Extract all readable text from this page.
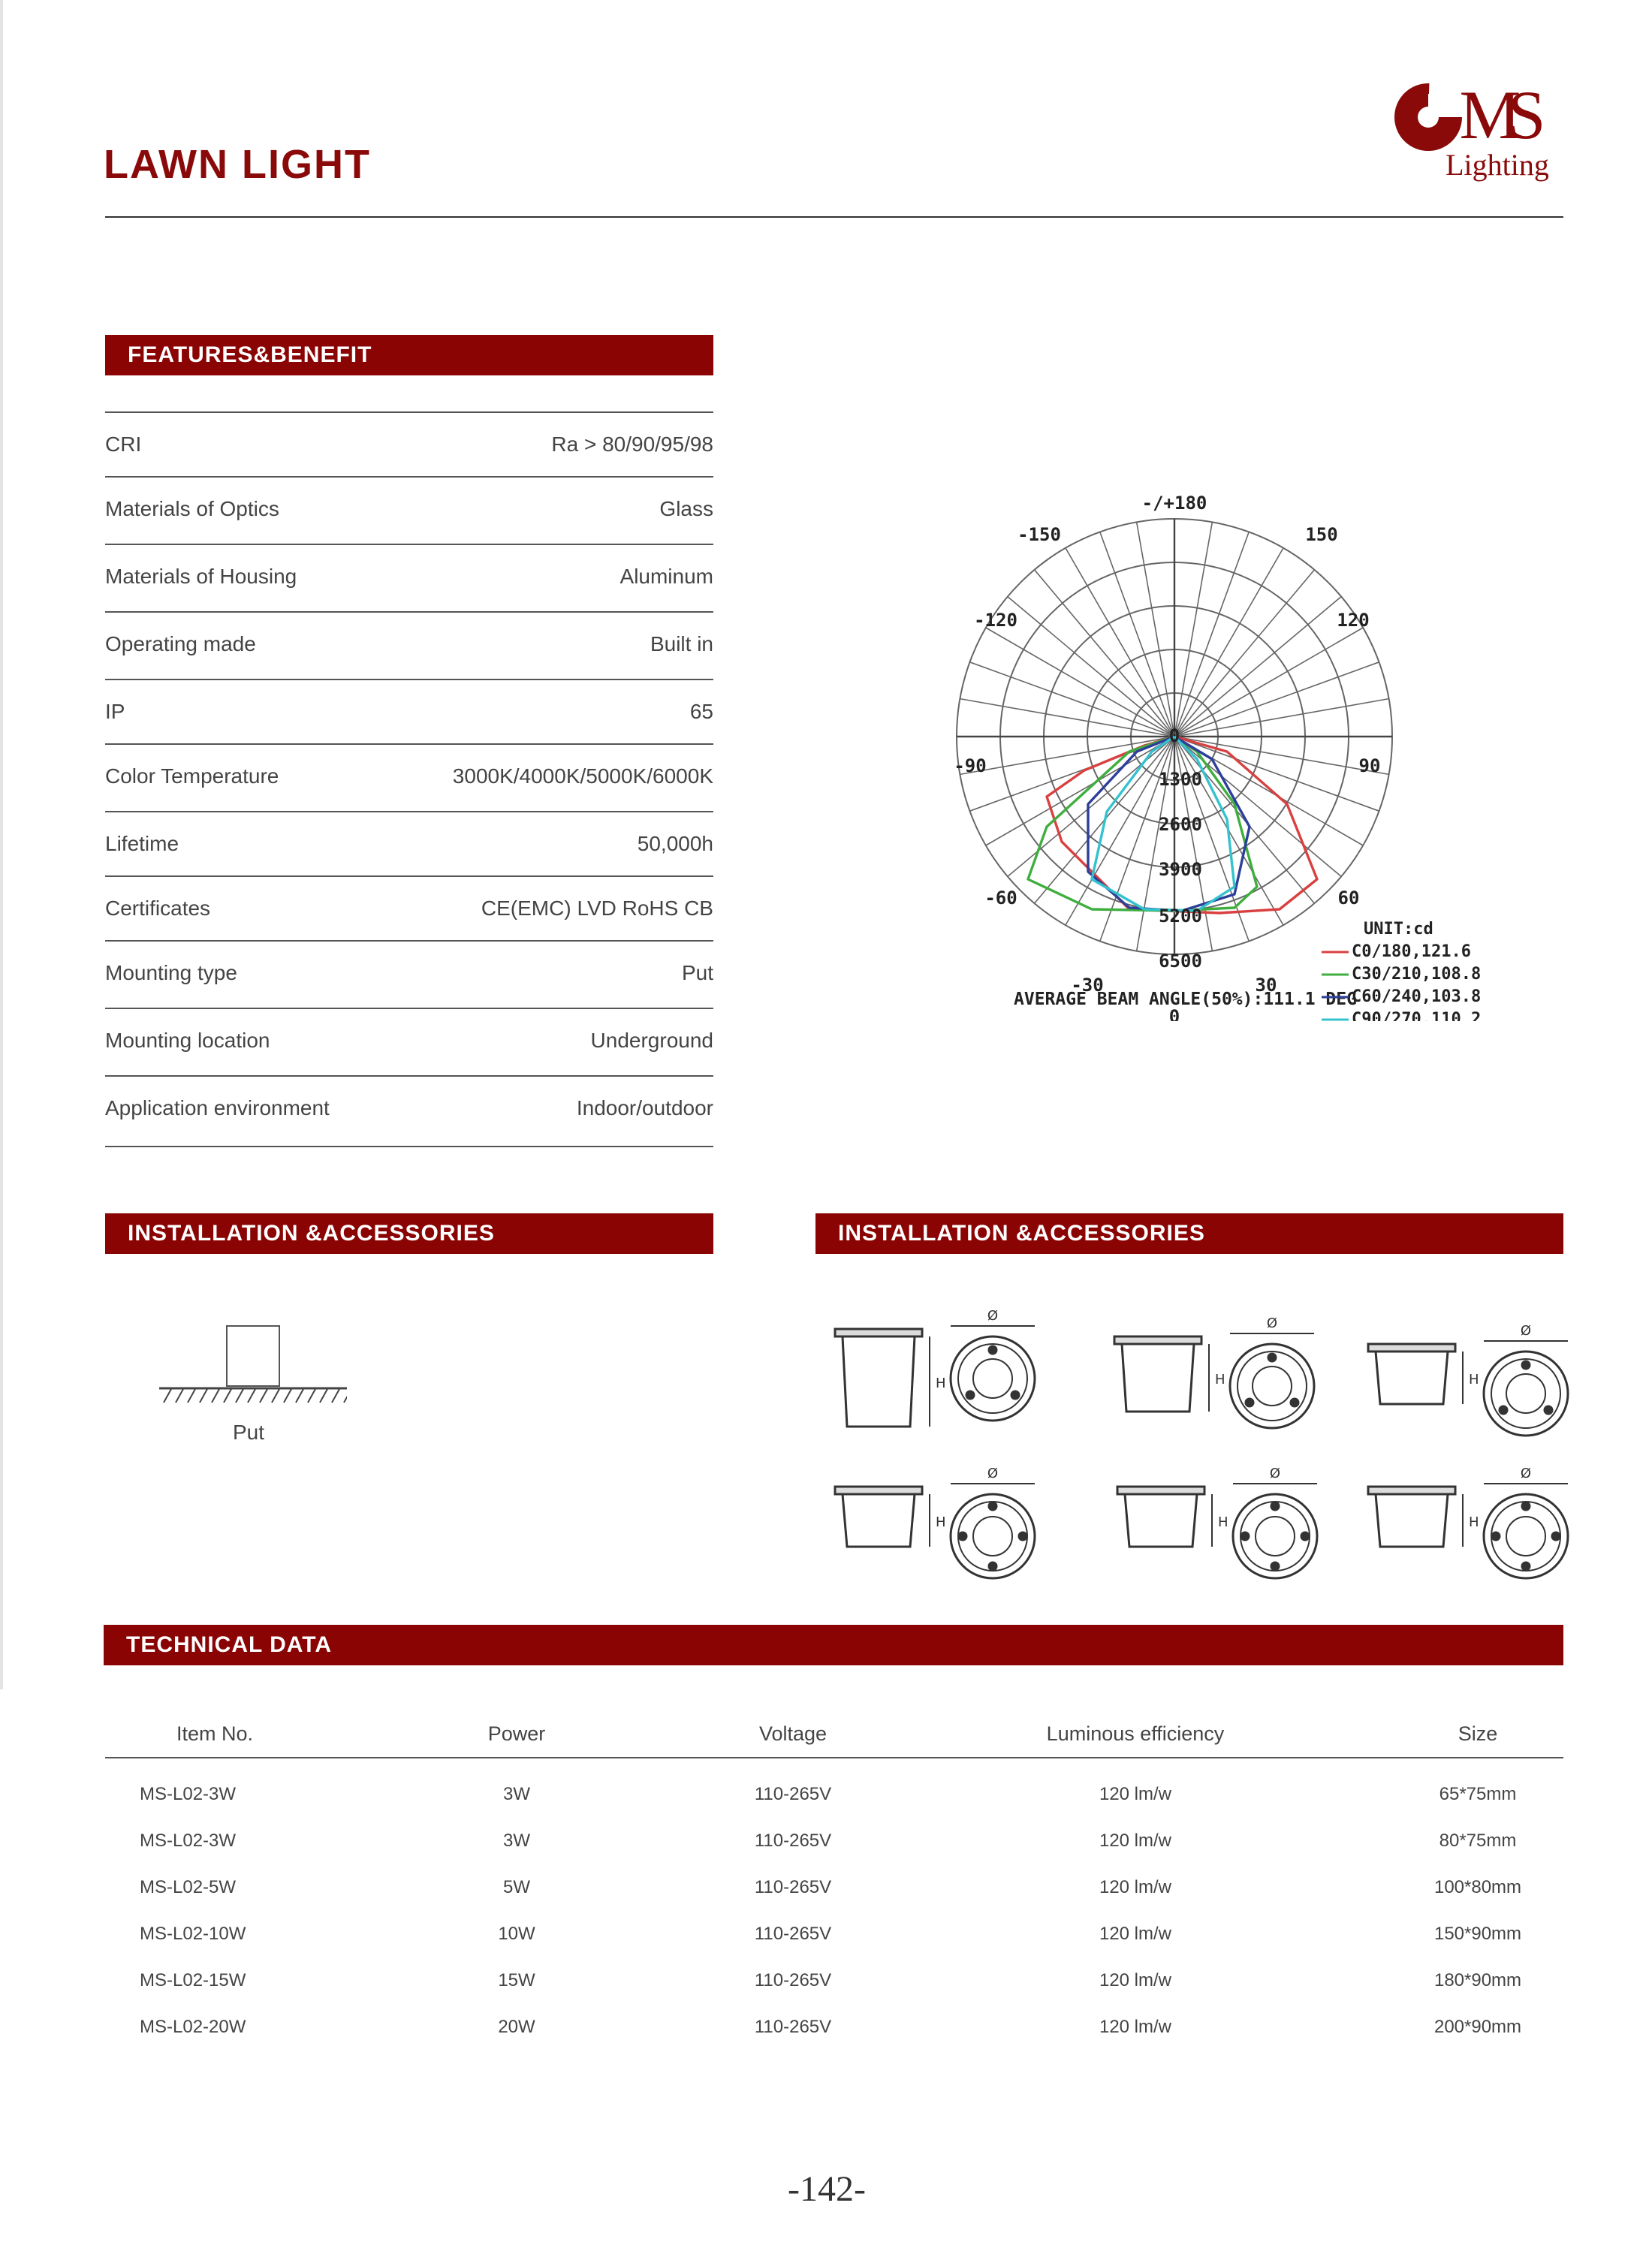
LAWN LIGHT
MS
Lighting
FEATURES&BENEFIT
CRI	Ra > 80/90/95/98
Materials of Optics	Glass
Materials of Housing	Aluminum
Operating made	Built in
IP	65
Color Temperature	3000K/4000K/5000K/6000K
Lifetime	50,000h
Certificates	CE(EMC) LVD RoHS CB
Mounting type	Put
Mounting location	Underground
Application environment	Indoor/outdoor
-/+180
-150	150
-120	120
-90	90
-60	60
-30	30
0
0
1300
2600
3900
5200
6500
UNIT:cd
AVERAGE BEAM ANGLE(50%):111.1 DEG
C0/180,121.6
C30/210,108.8
C60/240,103.8
C90/270,110.2
INSTALLATION &ACCESSORIES
Put
INSTALLATION &ACCESSORIES
H
Ø
H
Ø
H
Ø
H
Ø
H
Ø
H
Ø
TECHNICAL DATA
Item No.	Power	Voltage	Luminous efficiency	Size
MS-L02-3W	3W	110-265V	120 lm/w	65*75mm
MS-L02-3W	3W	110-265V	120 lm/w	80*75mm
MS-L02-5W	5W	110-265V	120 lm/w	100*80mm
MS-L02-10W	10W	110-265V	120 lm/w	150*90mm
MS-L02-15W	15W	110-265V	120 lm/w	180*90mm
MS-L02-20W	20W	110-265V	120 lm/w	200*90mm
-142-
